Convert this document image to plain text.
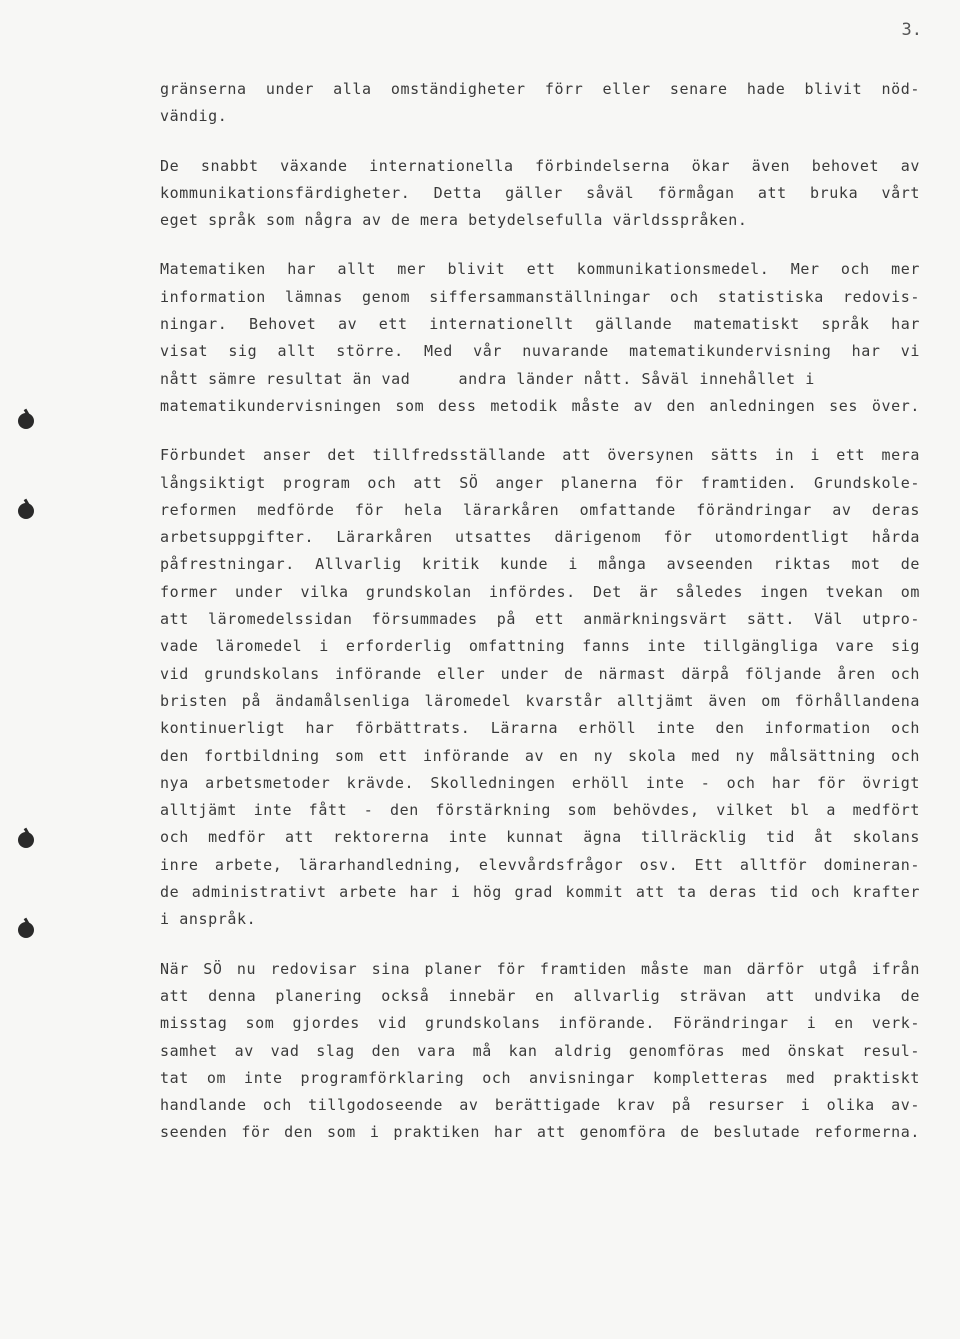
3.

gränserna under alla omständigheter förr eller senare hade blivit nöd-
vändig.

De snabbt växande internationella förbindelserna ökar även behovet av
kommunikationsfärdigheter. Detta gäller såväl förmågan att bruka vårt
eget språk som några av de mera betydelsefulla världsspråken.

Matematiken har allt mer blivit ett kommunikationsmedel. Mer och mer
information lämnas genom siffersammanställningar och statistiska redovis-
ningar. Behovet av ett internationellt gällande matematiskt språk har
visat sig allt större. Med vår nuvarande matematikundervisning har vi
nått sämre resultat än vad     andra länder nått. Såväl innehållet i
matematikundervisningen som dess metodik måste av den anledningen ses över.

Förbundet anser det tillfredsställande att översynen sätts in i ett mera
långsiktigt program och att SÖ anger planerna för framtiden. Grundskole-
reformen medförde för hela lärarkåren omfattande förändringar av deras
arbetsuppgifter. Lärarkåren utsattes därigenom för utomordentligt hårda
påfrestningar. Allvarlig kritik kunde i många avseenden riktas mot de
former under vilka grundskolan infördes. Det är således ingen tvekan om
att läromedelssidan försummades på ett anmärkningsvärt sätt. Väl utpro-
vade läromedel i erforderlig omfattning fanns inte tillgängliga vare sig
vid grundskolans införande eller under de närmast därpå följande åren och
bristen på ändamålsenliga läromedel kvarstår alltjämt även om förhållandena
kontinuerligt har förbättrats. Lärarna erhöll inte den information och
den fortbildning som ett införande av en ny skola med ny målsättning och
nya arbetsmetoder krävde. Skolledningen erhöll inte - och har för övrigt
alltjämt inte fått - den förstärkning som behövdes, vilket bl a medfört
och medför att rektorerna inte kunnat ägna tillräcklig tid åt skolans
inre arbete, lärarhandledning, elevvårdsfrågor osv. Ett alltför domineran-
de administrativt arbete har i hög grad kommit att ta deras tid och krafter
i anspråk.

När SÖ nu redovisar sina planer för framtiden måste man därför utgå ifrån
att denna planering också innebär en allvarlig strävan att undvika de
misstag som gjordes vid grundskolans införande. Förändringar i en verk-
samhet av vad slag den vara må kan aldrig genomföras med önskat resul-
tat om inte programförklaring och anvisningar kompletteras med praktiskt
handlande och tillgodoseende av berättigade krav på resurser i olika av-
seenden för den som i praktiken har att genomföra de beslutade reformerna.
